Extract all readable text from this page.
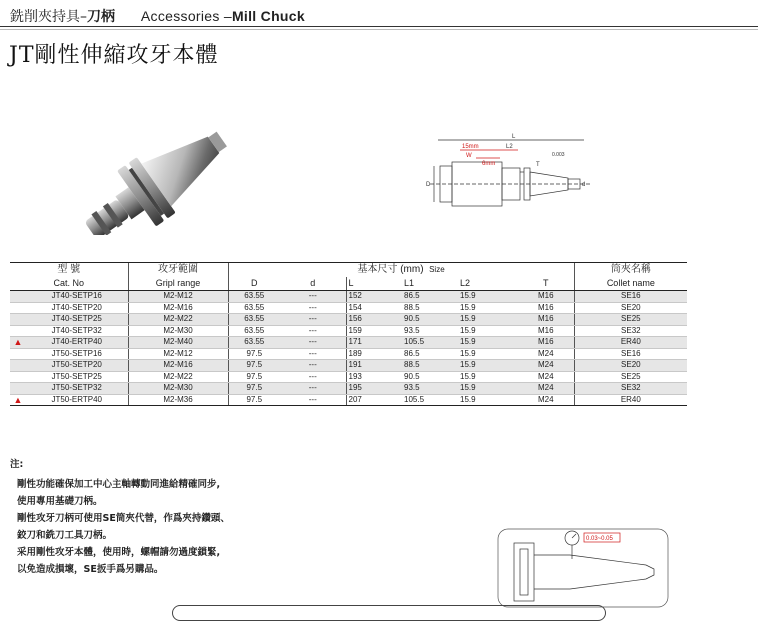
銑削夾持具–刀柄 Accessories –Mill Chuck
JT剛性伸縮攻牙本體
L
15mm	L2
W
6mm	T
D	d
0.003
型 號		攻牙範圍	基本尺寸 (mm) Size						筒夾名稱
Cat. No		Gripl range	D	d	L	L1	L2	T	Collet name
	JT40-SETP16	M2-M12	63.55	---	152	86.5	15.9	M16	SE16
	JT40-SETP20	M2-M16	63.55	---	154	88.5	15.9	M16	SE20
	JT40-SETP25	M2-M22	63.55	---	156	90.5	15.9	M16	SE25
	JT40-SETP32	M2-M30	63.55	---	159	93.5	15.9	M16	SE32
▲	JT40-ERTP40	M2-M40	63.55	---	171	105.5	15.9	M16	ER40
	JT50-SETP16	M2-M12	97.5	---	189	86.5	15.9	M24	SE16
	JT50-SETP20	M2-M16	97.5	---	191	88.5	15.9	M24	SE20
	JT50-SETP25	M2-M22	97.5	---	193	90.5	15.9	M24	SE25
	JT50-SETP32	M2-M30	97.5	---	195	93.5	15.9	M24	SE32
▲	JT50-ERTP40	M2-M36	97.5	---	207	105.5	15.9	M24	ER40
注:
剛性功能確保加工中心主軸轉動同進給精確同步,
使用專用基礎刀柄。
剛性攻牙刀柄可使用SE筒夾代替，作爲夾持鑽頭、
鉸刀和銑刀工具刀柄。
采用剛性攻牙本體，使用時，螺帽請勿過度鎖緊,
以免造成損壞，SE扳手爲另購品。
0.03~0.05
